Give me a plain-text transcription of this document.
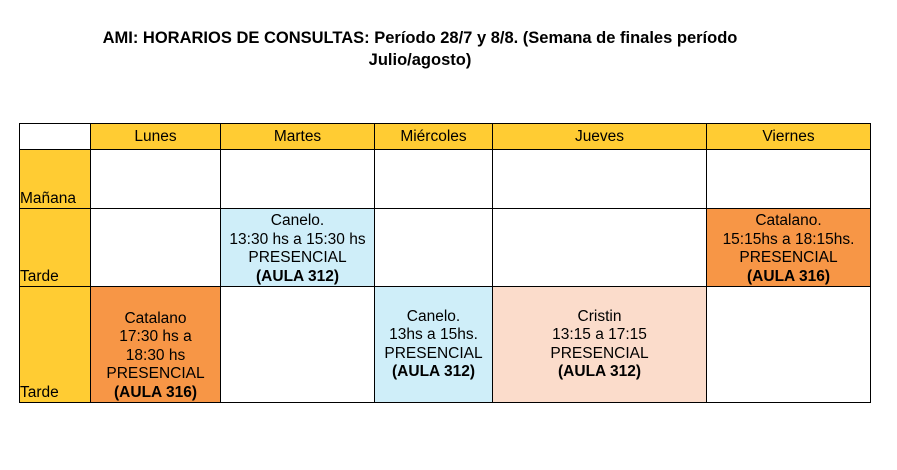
AMI: HORARIOS DE CONSULTAS: Período 28/7 y 8/8. (Semana de finales período
Julio/agosto)
	Lunes	Martes	Miércoles	Jueves	Viernes
Mañana					
Tarde		Canelo.
13:30 hs a 15:30 hs
PRESENCIAL
(AULA 312)			Catalano.
15:15hs a 18:15hs.
PRESENCIAL
(AULA 316)

Tarde	Catalano
17:30 hs a
18:30 hs
PRESENCIAL
(AULA 316)		Canelo.
13hs a 15hs.
PRESENCIAL
(AULA 312)	Cristin
13:15 a 17:15
PRESENCIAL
(AULA 312)	
